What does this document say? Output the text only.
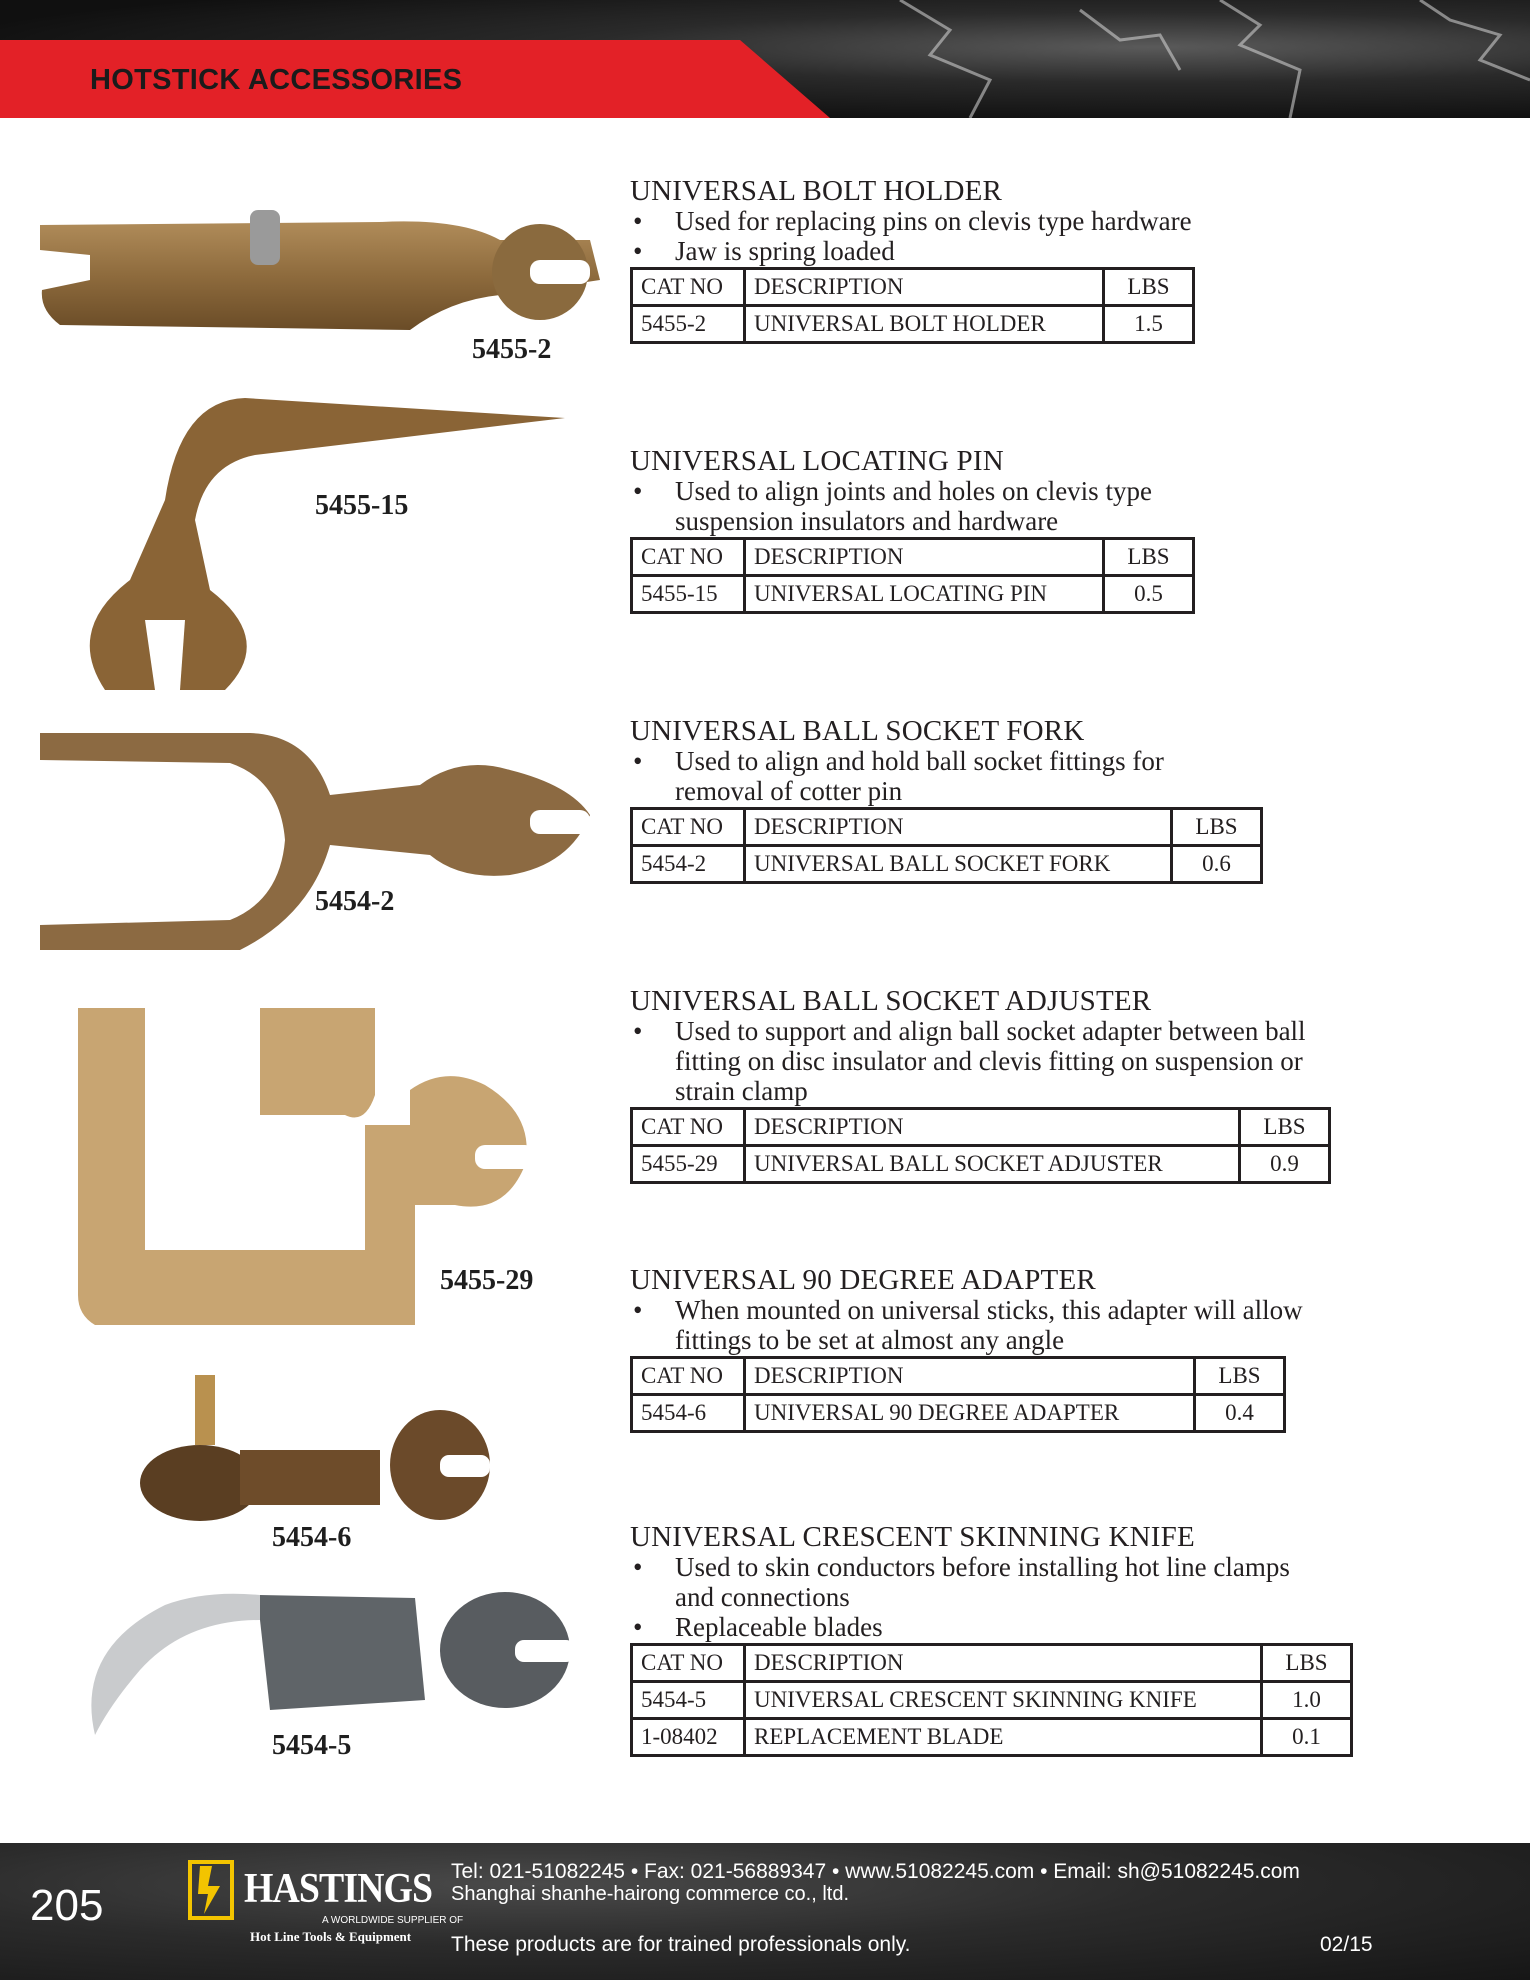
HOTSTICK ACCESSORIES
5455-2
5455-15
5454-2
5455-29
5454-6
5454-5
UNIVERSAL BOLT HOLDER
• Used for replacing pins on clevis type hardware
• Jaw is spring loaded
CAT NO	DESCRIPTION	LBS
5455-2	UNIVERSAL BOLT HOLDER	1.5
UNIVERSAL LOCATING PIN
• Used to align joints and holes on clevis type
suspension insulators and hardware
CAT NO	DESCRIPTION	LBS
5455-15	UNIVERSAL LOCATING PIN	0.5
UNIVERSAL BALL SOCKET FORK
• Used to align and hold ball socket fittings for
removal of cotter pin
CAT NO	DESCRIPTION	LBS
5454-2	UNIVERSAL BALL SOCKET FORK	0.6
UNIVERSAL BALL SOCKET ADJUSTER
• Used to support and align ball socket adapter between ball
fitting on disc insulator and clevis fitting on suspension or
strain clamp
CAT NO	DESCRIPTION	LBS
5455-29	UNIVERSAL BALL SOCKET ADJUSTER	0.9
UNIVERSAL 90 DEGREE ADAPTER
• When mounted on universal sticks, this adapter will allow
fittings to be set at almost any angle
CAT NO	DESCRIPTION	LBS
5454-6	UNIVERSAL 90 DEGREE ADAPTER	0.4
UNIVERSAL CRESCENT SKINNING KNIFE
• Used to skin conductors before installing hot line clamps
and connections
• Replaceable blades
CAT NO	DESCRIPTION	LBS
5454-5	UNIVERSAL CRESCENT SKINNING KNIFE	1.0
1-08402	REPLACEMENT BLADE	0.1
205	HASTINGS
A WORLDWIDE SUPPLIER OF
Hot Line Tools & Equipment
Tel: 021-51082245 • Fax: 021-56889347 • www.51082245.com • Email: sh@51082245.com
Shanghai shanhe-hairong commerce co., ltd.
These products are for trained professionals only.	02/15
